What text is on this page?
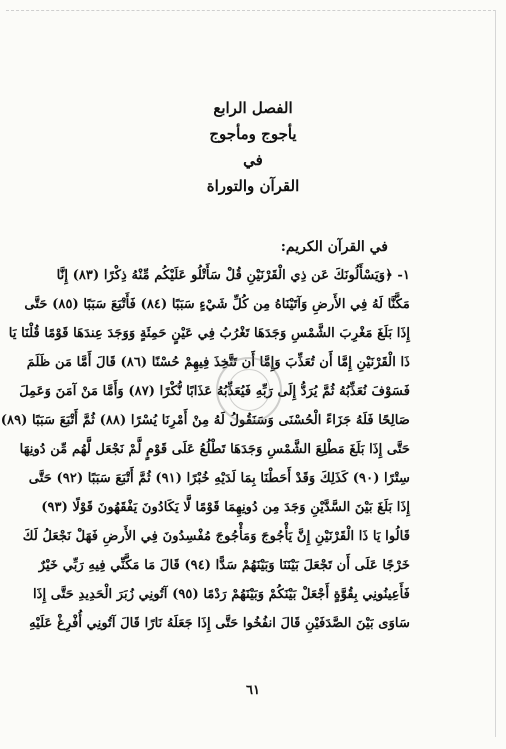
الفصل الرابع
يأجوج ومأجوج
في
القرآن والتوراة
في القرآن الكريم:
١- ﴿وَيَسْأَلُونَكَ عَن ذِي الْقَرْنَيْنِ قُلْ سَأَتْلُو عَلَيْكُم مِّنْهُ ذِكْرًا (٨٣) إِنَّا
مَكَّنَّا لَهُ فِي الأَرضِ وَآتَيْنَاهُ مِن كُلِّ شَيْءٍ سَبَبًا (٨٤) فَأَتْبَعَ سَبَبًا (٨٥) حَتَّى
إِذَا بَلَغَ مَغْرِبَ الشَّمْسِ وَجَدَهَا تَغْرُبُ فِي عَيْنٍ حَمِئَةٍ وَوَجَدَ عِندَهَا قَوْمًا قُلْنَا يَا
ذَا الْقَرْنَيْنِ إِمَّا أَن تُعَذِّبَ وَإِمَّا أَن تَتَّخِذَ فِيهِمْ حُسْنًا (٨٦) قَالَ أَمَّا مَن ظَلَمَ
فَسَوْفَ نُعَذِّبُهُ ثُمَّ يُرَدُّ إِلَى رَبِّهِ فَيُعَذِّبُهُ عَذَابًا نُّكْرًا (٨٧) وَأَمَّا مَنْ آمَنَ وَعَمِلَ
صَالِحًا فَلَهُ جَزَاءً الْحُسْنَى وَسَنَقُولُ لَهُ مِنْ أَمْرِنَا يُسْرًا (٨٨) ثُمَّ أَتْبَعَ سَبَبًا (٨٩)
حَتَّى إِذَا بَلَغَ مَطْلِعَ الشَّمْسِ وَجَدَهَا تَطْلُعُ عَلَى قَوْمٍ لَّمْ نَجْعَل لَّهُم مِّن دُونِهَا
سِتْرًا (٩٠) كَذَلِكَ وَقَدْ أَحَطْنَا بِمَا لَدَيْهِ خُبْرًا (٩١) ثُمَّ أَتْبَعَ سَبَبًا (٩٢) حَتَّى
إِذَا بَلَغَ بَيْنَ السَّدَّيْنِ وَجَدَ مِن دُونِهِمَا قَوْمًا لَّا يَكَادُونَ يَفْقَهُونَ قَوْلًا (٩٣)
قَالُوا يَا ذَا الْقَرْنَيْنِ إِنَّ يَأْجُوجَ وَمَأْجُوجَ مُفْسِدُونَ فِي الأَرضِ فَهَلْ نَجْعَلُ لَكَ
خَرْجًا عَلَى أَن تَجْعَلَ بَيْنَنَا وَبَيْنَهُمْ سَدًّا (٩٤) قَالَ مَا مَكَّنِّي فِيهِ رَبِّي خَيْرٌ
فَأَعِينُونِي بِقُوَّةٍ أَجْعَلْ بَيْنَكُمْ وَبَيْنَهُمْ رَدْمًا (٩٥) آتُونِي زُبَرَ الْحَدِيدِ حَتَّى إِذَا
سَاوَى بَيْنَ الصَّدَفَيْنِ قَالَ انفُخُوا حَتَّى إِذَا جَعَلَهُ نَارًا قَالَ آتُونِي أُفْرِغْ عَلَيْهِ
٦١
